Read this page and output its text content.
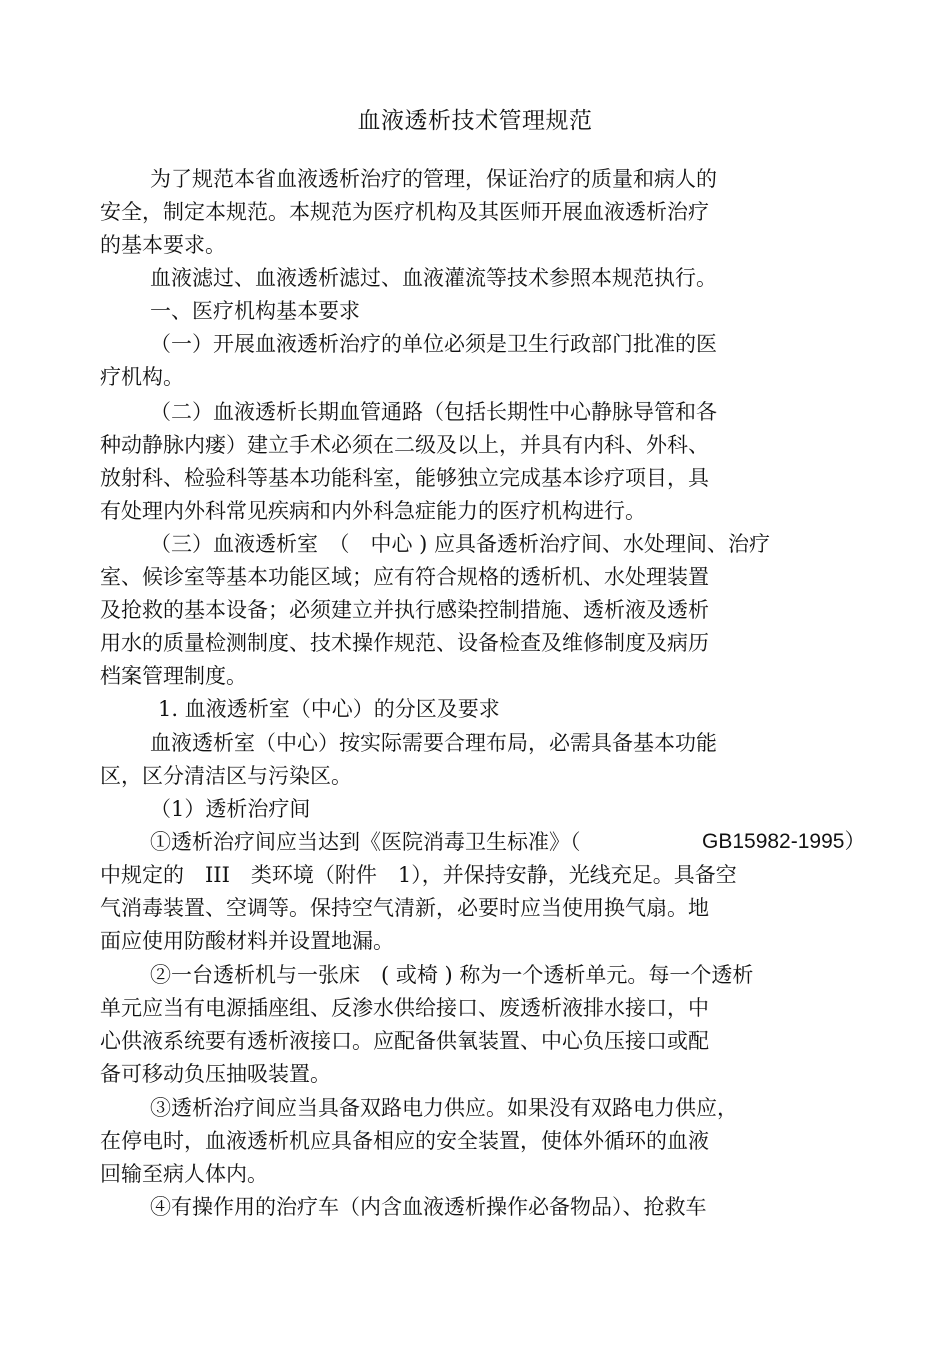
血液透析技术管理规范
为了规范本省血液透析治疗的管理，保证治疗的质量和病人的
安全，制定本规范。本规范为医疗机构及其医师开展血液透析治疗
的基本要求。
血液滤过、血液透析滤过、血液灌流等技术参照本规范执行。
一、医疗机构基本要求
（一）开展血液透析治疗的单位必须是卫生行政部门批准的医
疗机构。
（二）血液透析长期血管通路（包括长期性中心静脉导管和各
种动静脉内瘘）建立手术必须在二级及以上，并具有内科、外科、
放射科、检验科等基本功能科室，能够独立完成基本诊疗项目，具
有处理内外科常见疾病和内外科急症能力的医疗机构进行。
（三）血液透析室　（　中心 ) 应具备透析治疗间、水处理间、治疗
室、候诊室等基本功能区域；应有符合规格的透析机、水处理装置
及抢救的基本设备；必须建立并执行感染控制措施、透析液及透析
用水的质量检测制度、技术操作规范、设备检查及维修制度及病历
档案管理制度。
1. 血液透析室（中心）的分区及要求
血液透析室（中心）按实际需要合理布局，必需具备基本功能
区，区分清洁区与污染区。
（1）透析治疗间
①透析治疗间应当达到《医院消毒卫生标准》（	GB15982-1995）
中规定的　III　类环境（附件　1），并保持安静，光线充足。具备空
气消毒装置、空调等。保持空气清新，必要时应当使用换气扇。地
面应使用防酸材料并设置地漏。
②一台透析机与一张床　( 或椅 ) 称为一个透析单元。每一个透析
单元应当有电源插座组、反渗水供给接口、废透析液排水接口，中
心供液系统要有透析液接口。应配备供氧装置、中心负压接口或配
备可移动负压抽吸装置。
③透析治疗间应当具备双路电力供应。如果没有双路电力供应，
在停电时，血液透析机应具备相应的安全装置，使体外循环的血液
回输至病人体内。
④有操作用的治疗车（内含血液透析操作必备物品）、抢救车
